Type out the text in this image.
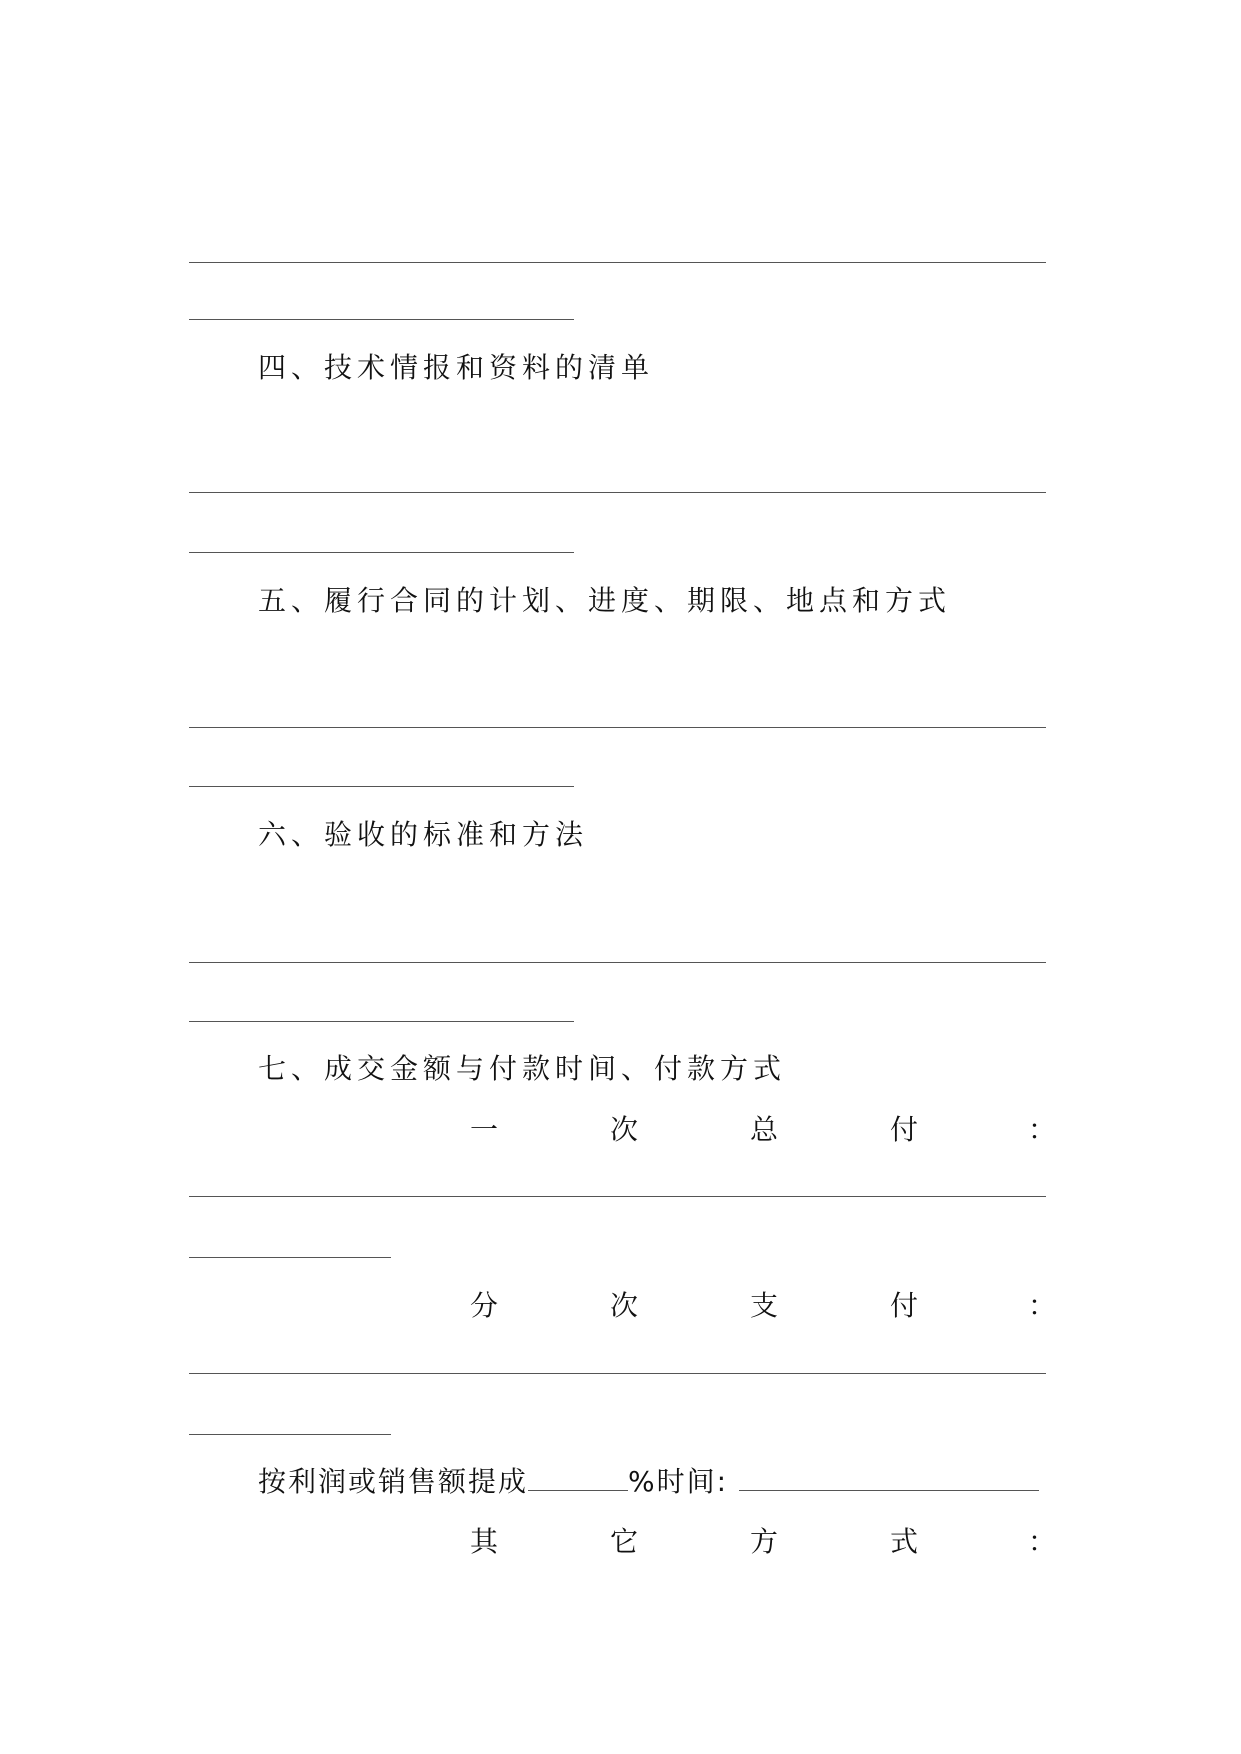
四、技术情报和资料的清单
五、履行合同的计划、进度、期限、地点和方式
六、验收的标准和方法
七、成交金额与付款时间、付款方式
一	次	总	付	：
分	次	支	付	：
按利润或销售额提成	%时间:
其	它	方	式	：
